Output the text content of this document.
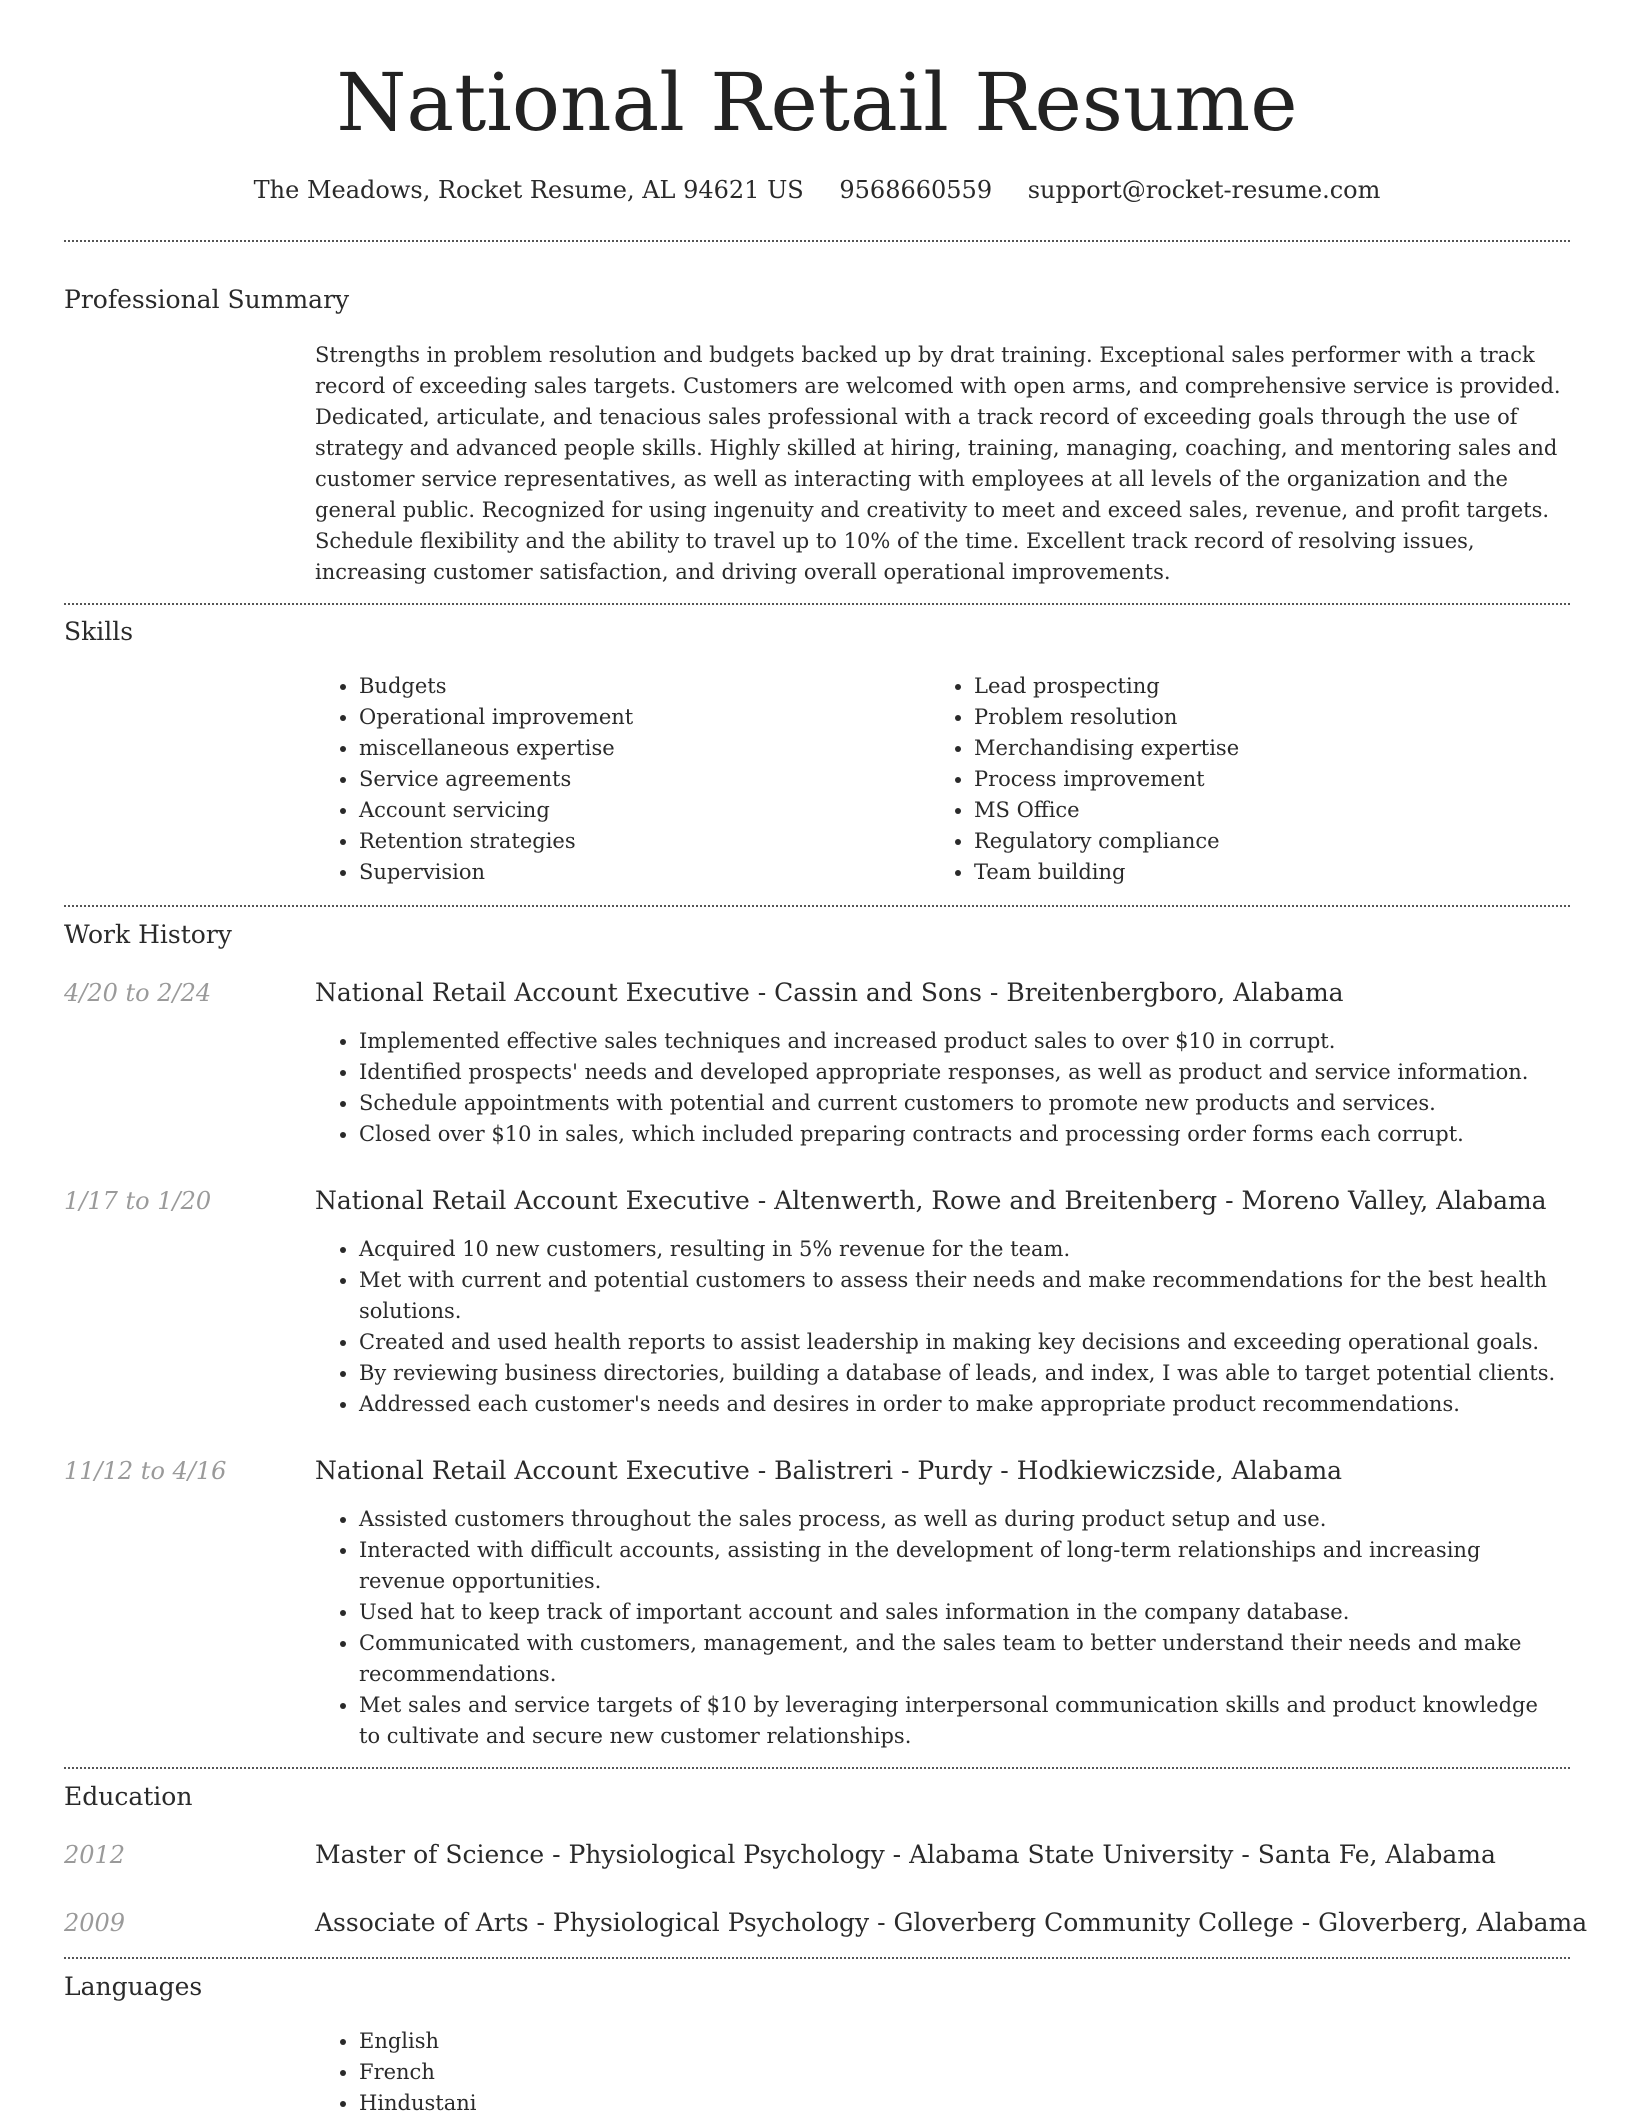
National Retail Resume
The Meadows, Rocket Resume, AL 94621 US 9568660559 support@rocket-resume.com
Professional Summary
Strengths in problem resolution and budgets backed up by drat training. Exceptional sales performer with a track record of exceeding sales targets. Customers are welcomed with open arms, and comprehensive service is provided. Dedicated, articulate, and tenacious sales professional with a track record of exceeding goals through the use of strategy and advanced people skills. Highly skilled at hiring, training, managing, coaching, and mentoring sales and customer service representatives, as well as interacting with employees at all levels of the organization and the general public. Recognized for using ingenuity and creativity to meet and exceed sales, revenue, and profit targets. Schedule flexibility and the ability to travel up to 10% of the time. Excellent track record of resolving issues, increasing customer satisfaction, and driving overall operational improvements.
Skills
• Budgets
• Operational improvement
• miscellaneous expertise
• Service agreements
• Account servicing
• Retention strategies
• Supervision
• Lead prospecting
• Problem resolution
• Merchandising expertise
• Process improvement
• MS Office
• Regulatory compliance
• Team building
Work History
4/20 to 2/24	National Retail Account Executive - Cassin and Sons - Breitenbergboro, Alabama
• Implemented effective sales techniques and increased product sales to over $10 in corrupt.
• Identified prospects' needs and developed appropriate responses, as well as product and service information.
• Schedule appointments with potential and current customers to promote new products and services.
• Closed over $10 in sales, which included preparing contracts and processing order forms each corrupt.
1/17 to 1/20	National Retail Account Executive - Altenwerth, Rowe and Breitenberg - Moreno Valley, Alabama
• Acquired 10 new customers, resulting in 5% revenue for the team.
• Met with current and potential customers to assess their needs and make recommendations for the best health solutions.
• Created and used health reports to assist leadership in making key decisions and exceeding operational goals.
• By reviewing business directories, building a database of leads, and index, I was able to target potential clients.
• Addressed each customer's needs and desires in order to make appropriate product recommendations.
11/12 to 4/16	National Retail Account Executive - Balistreri - Purdy - Hodkiewiczside, Alabama
• Assisted customers throughout the sales process, as well as during product setup and use.
• Interacted with difficult accounts, assisting in the development of long-term relationships and increasing revenue opportunities.
• Used hat to keep track of important account and sales information in the company database.
• Communicated with customers, management, and the sales team to better understand their needs and make recommendations.
• Met sales and service targets of $10 by leveraging interpersonal communication skills and product knowledge to cultivate and secure new customer relationships.
Education
2012	Master of Science - Physiological Psychology - Alabama State University - Santa Fe, Alabama
2009	Associate of Arts - Physiological Psychology - Gloverberg Community College - Gloverberg, Alabama
Languages
• English
• French
• Hindustani
